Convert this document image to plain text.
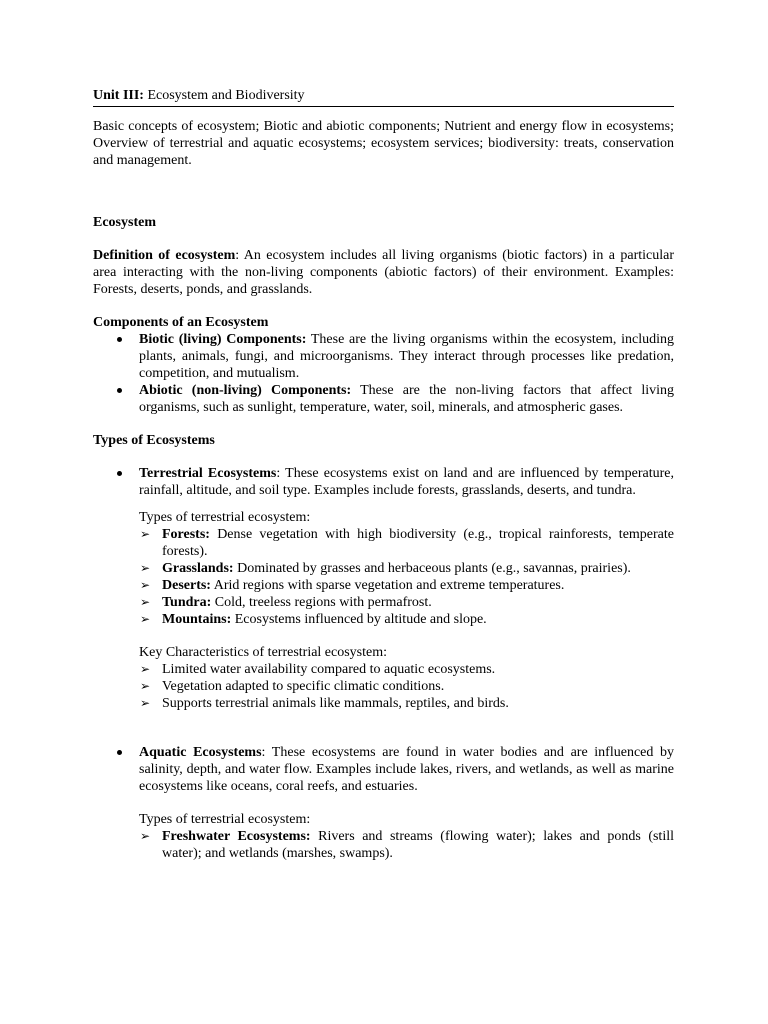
Unit III: Ecosystem and Biodiversity

Basic concepts of ecosystem; Biotic and abiotic components; Nutrient and energy flow in ecosystems; Overview of terrestrial and aquatic ecosystems; ecosystem services; biodiversity: treats, conservation and management.

Ecosystem

Definition of ecosystem: An ecosystem includes all living organisms (biotic factors) in a particular area interacting with the non-living components (abiotic factors) of their environment. Examples: Forests, deserts, ponds, and grasslands.

Components of an Ecosystem
Biotic (living) Components: These are the living organisms within the ecosystem, including plants, animals, fungi, and microorganisms. They interact through processes like predation, competition, and mutualism.
Abiotic (non-living) Components: These are the non-living factors that affect living organisms, such as sunlight, temperature, water, soil, minerals, and atmospheric gases.
Types of Ecosystems
Terrestrial Ecosystems: These ecosystems exist on land and are influenced by temperature, rainfall, altitude, and soil type. Examples include forests, grasslands, deserts, and tundra.
Types of terrestrial ecosystem:
➢ Forests: Dense vegetation with high biodiversity (e.g., tropical rainforests, temperate forests).
➢ Grasslands: Dominated by grasses and herbaceous plants (e.g., savannas, prairies).
➢ Deserts: Arid regions with sparse vegetation and extreme temperatures.
➢ Tundra: Cold, treeless regions with permafrost.
➢ Mountains: Ecosystems influenced by altitude and slope.
Key Characteristics of terrestrial ecosystem:
➢ Limited water availability compared to aquatic ecosystems.
➢ Vegetation adapted to specific climatic conditions.
➢ Supports terrestrial animals like mammals, reptiles, and birds.
Aquatic Ecosystems: These ecosystems are found in water bodies and are influenced by salinity, depth, and water flow. Examples include lakes, rivers, and wetlands, as well as marine ecosystems like oceans, coral reefs, and estuaries.
Types of terrestrial ecosystem:
➢ Freshwater Ecosystems: Rivers and streams (flowing water); lakes and ponds (still water); and wetlands (marshes, swamps).
